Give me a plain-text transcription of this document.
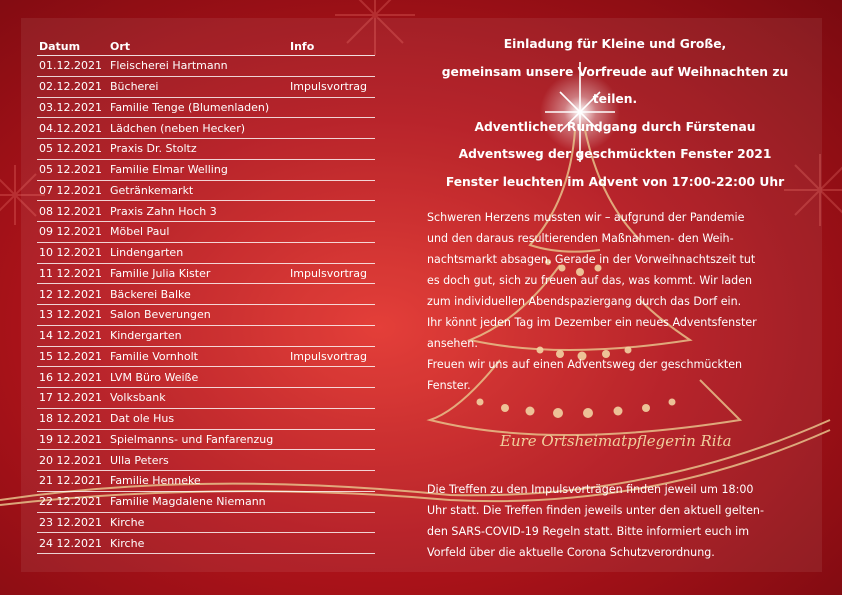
Datum	Ort	Info
01.12.2021 Fleischerei Hartmann
02.12.2021 Bücherei	Impulsvortrag
03.12.2021 Familie Tenge (Blumenladen)
04.12.2021 Lädchen (neben Hecker)
05 12.2021 Praxis Dr. Stoltz
05 12.2021 Familie Elmar Welling
07 12.2021 Getränkemarkt
08 12.2021 Praxis Zahn Hoch 3
09 12.2021 Möbel Paul
10 12.2021 Lindengarten
11 12.2021 Familie Julia Kister	Impulsvortrag
12 12.2021 Bäckerei Balke
13 12.2021 Salon Beverungen
14 12.2021 Kindergarten
15 12.2021 Familie Vornholt	Impulsvortrag
16 12.2021 LVM Büro Weiße
17 12.2021 Volksbank
18 12.2021 Dat ole Hus
19 12.2021 Spielmanns- und Fanfarenzug
20 12.2021 Ulla Peters
21 12.2021 Familie Henneke
22 12.2021 Familie Magdalene Niemann
23 12.2021 Kirche
24 12.2021 Kirche
Einladung für Kleine und Große,
gemeinsam unsere Vorfreude auf Weihnachten zu
teilen.
Adventlicher Rundgang durch Fürstenau
Adventsweg der geschmückten Fenster 2021
Fenster leuchten im Advent von 17:00-22:00 Uhr
Schweren Herzens mussten wir – aufgrund der Pandemie
und den daraus resultierenden Maßnahmen- den Weih-
nachtsmarkt absagen. Gerade in der Vorweihnachtszeit tut
es doch gut, sich zu freuen auf das, was kommt. Wir laden
zum individuellen Abendspaziergang durch das Dorf ein.
Ihr könnt jeden Tag im Dezember ein neues Adventsfenster
ansehen.
Freuen wir uns auf einen Adventsweg der geschmückten
Fenster.
Eure Ortsheimatpflegerin Rita
Die Treffen zu den Impulsvorträgen finden jeweil um 18:00
Uhr statt. Die Treffen finden jeweils unter den aktuell gelten-
den SARS-COVID-19 Regeln statt. Bitte informiert euch im
Vorfeld über die aktuelle Corona Schutzverordnung.
